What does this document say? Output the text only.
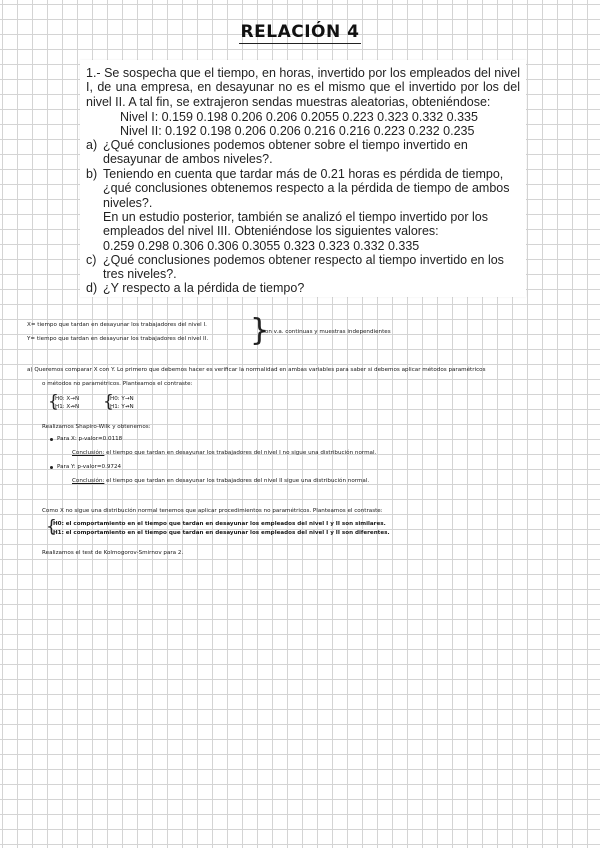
RELACIÓN 4
1.- Se sospecha que el tiempo, en horas, invertido por los empleados del nivel I, de una empresa, en desayunar no es el mismo que el invertido por los del nivel II. A tal fin, se extrajeron sendas muestras aleatorias, obteniéndose:
Nivel I: 0.159 0.198 0.206 0.206 0.2055 0.223 0.323 0.332 0.335
Nivel II: 0.192 0.198 0.206 0.206 0.216 0.216 0.223 0.232 0.235
a) ¿Qué conclusiones podemos obtener sobre el tiempo invertido en desayunar de ambos niveles?.
b) Teniendo en cuenta que tardar más de 0.21 horas es pérdida de tiempo, ¿qué conclusiones obtenemos respecto a la pérdida de tiempo de ambos niveles?.
En un estudio posterior, también se analizó el tiempo invertido por los empleados del nivel III. Obteniéndose los siguientes valores:
0.259 0.298 0.306 0.306 0.3055 0.323 0.323 0.332 0.335
c) ¿Qué conclusiones podemos obtener respecto al tiempo invertido en los tres niveles?.
d) ¿Y respecto a la pérdida de tiempo?
X= tiempo que tardan en desayunar los trabajadores del nivel I.
Y= tiempo que tardan en desayunar los trabajadores del nivel II. }
son v.a. continuas y muestras independientes
a) Queremos comparar X con Y. Lo primero que debemos hacer es verificar la normalidad en ambas variables para saber si debemos aplicar métodos paramétricos
o métodos no paramétricos. Planteamos el contraste:
{
H0: X→N
H1: X↛N {
H0: Y→N
H1: Y↛N
Realizamos Shapiro-Wilk y obtenemos:
Para X: p-valor=0.0118
Conclusión: el tiempo que tardan en desayunar los trabajadores del nivel I no sigue una distribución normal.
Para Y: p-valor=0.9724
Conclusión: el tiempo que tardan en desayunar los trabajadores del nivel II sigue una distribución normal.
Como X no sigue una distribución normal tenemos que aplicar procedimientos no paramétricos. Planteamos el contraste:
{
H0: el comportamiento en el tiempo que tardan en desayunar los empleados del nivel I y II son similares.
H1: el comportamiento en el tiempo que tardan en desayunar los empleados del nivel I y II son diferentes.
Realizamos el test de Kolmogorov-Smirnov para 2.
